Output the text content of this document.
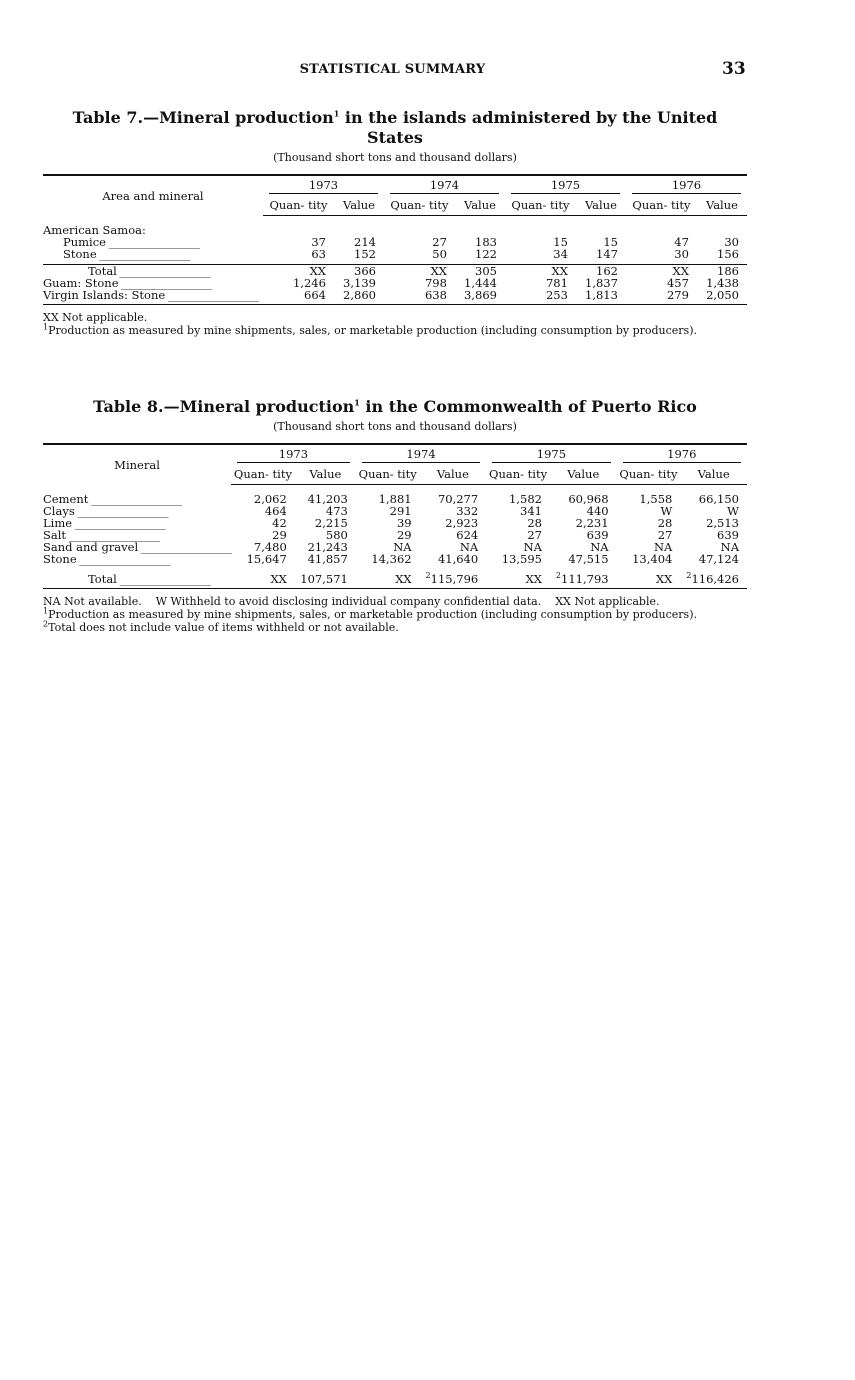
STATISTICAL SUMMARY	33
Table 7.—Mineral production$^1$ in the islands administered by the United States
(Thousand short tons and thousand dollars)
Area and mineral	1973		1974		1975		1976	

	Quan- tity	Value	Quan- tity	Value	Quan- tity	Value	Quan- tity	Value

American Samoa:								
Pumice _____	37	214	27	183	15	15	47	30
Stone _____	63	152	50	122	34	147	30	156

Total _____	XX	366	XX	305	XX	162	XX	186
Guam: Stone _____	1,246	3,139	798	1,444	781	1,837	457	1,438
Virgin Islands: Stone _____	664	2,860	638	3,869	253	1,813	279	2,050
XX Not applicable.
$^1$Production as measured by mine shipments, sales, or marketable production (including consumption by producers).
Table 8.—Mineral production$^1$ in the Commonwealth of Puerto Rico
(Thousand short tons and thousand dollars)
Mineral	1973		1974		1975		1976	

	Quan- tity	Value	Quan- tity	Value	Quan- tity	Value	Quan- tity	Value

Cement _____	2,062	41,203	1,881	70,277	1,582	60,968	1,558	66,150
Clays _____	464	473	291	332	341	440	W	W
Lime _____	42	2,215	39	2,923	28	2,231	28	2,513
Salt _____	29	580	29	624	27	639	27	639
Sand and gravel _____	7,480	21,243	NA	NA	NA	NA	NA	NA
Stone _____	15,647	41,857	14,362	41,640	13,595	47,515	13,404	47,124

Total _____	XX	107,571	XX	$^2$115,796	XX	$^2$111,793	XX	$^2$116,426
NA Not available.    W Withheld to avoid disclosing individual company confidential data.    XX Not applicable.
$^1$Production as measured by mine shipments, sales, or marketable production (including consumption by producers).
$^2$Total does not include value of items withheld or not available.
